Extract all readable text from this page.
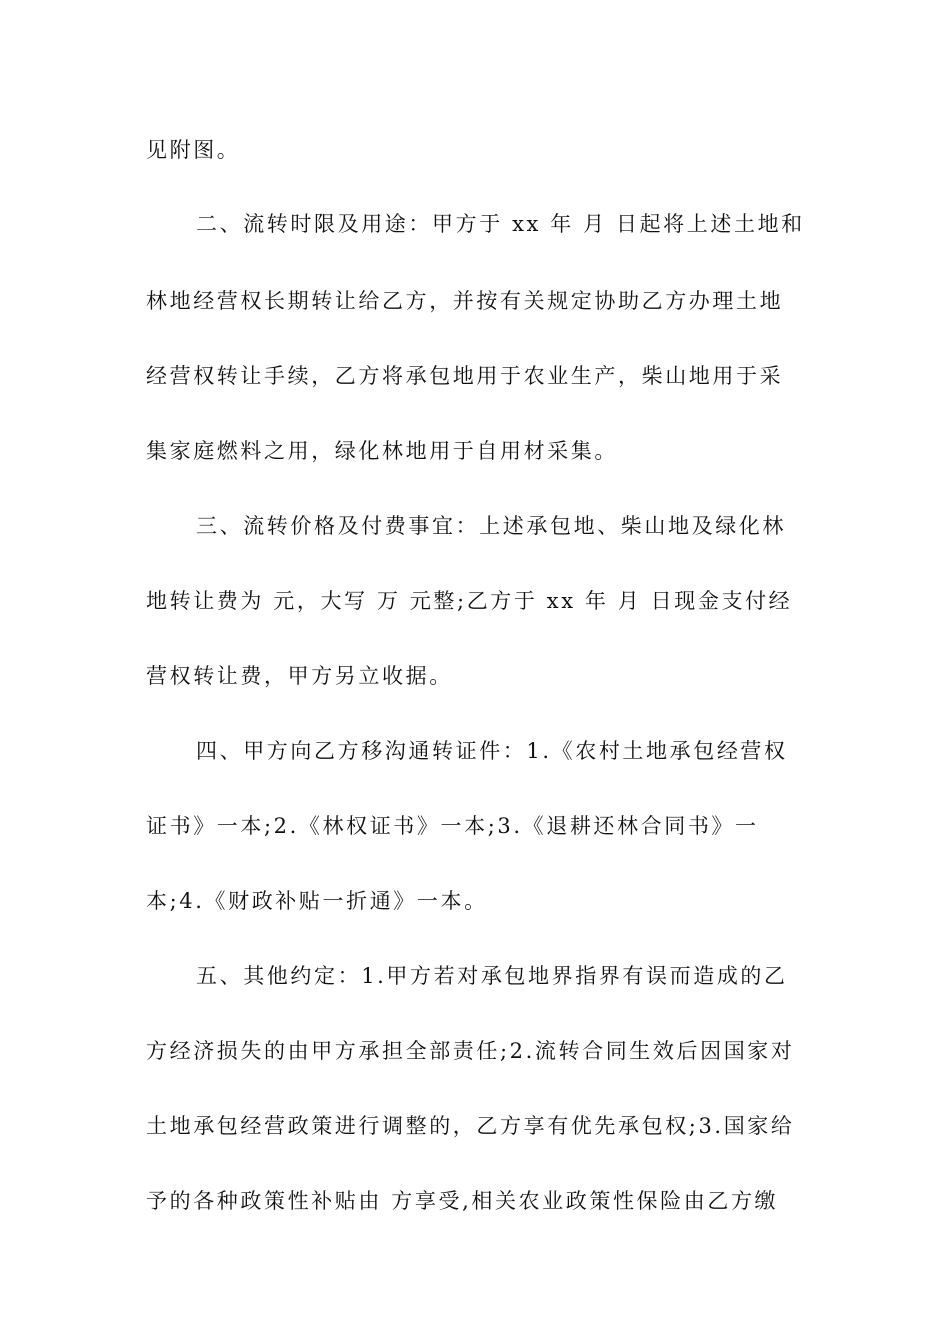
见附图。
二、流转时限及用途：甲方于 xx 年 月 日起将上述土地和
林地经营权长期转让给乙方，并按有关规定协助乙方办理土地
经营权转让手续，乙方将承包地用于农业生产，柴山地用于采
集家庭燃料之用，绿化林地用于自用材采集。
三、流转价格及付费事宜：上述承包地、柴山地及绿化林
地转让费为 元，大写 万 元整;乙方于 xx 年 月 日现金支付经
营权转让费，甲方另立收据。
四、甲方向乙方移沟通转证件：1.《农村土地承包经营权
证书》一本;2.《林权证书》一本;3.《退耕还林合同书》一
本;4.《财政补贴一折通》一本。
五、其他约定：1.甲方若对承包地界指界有误而造成的乙
方经济损失的由甲方承担全部责任;2.流转合同生效后因国家对
土地承包经营政策进行调整的，乙方享有优先承包权;3.国家给
予的各种政策性补贴由 方享受,相关农业政策性保险由乙方缴
